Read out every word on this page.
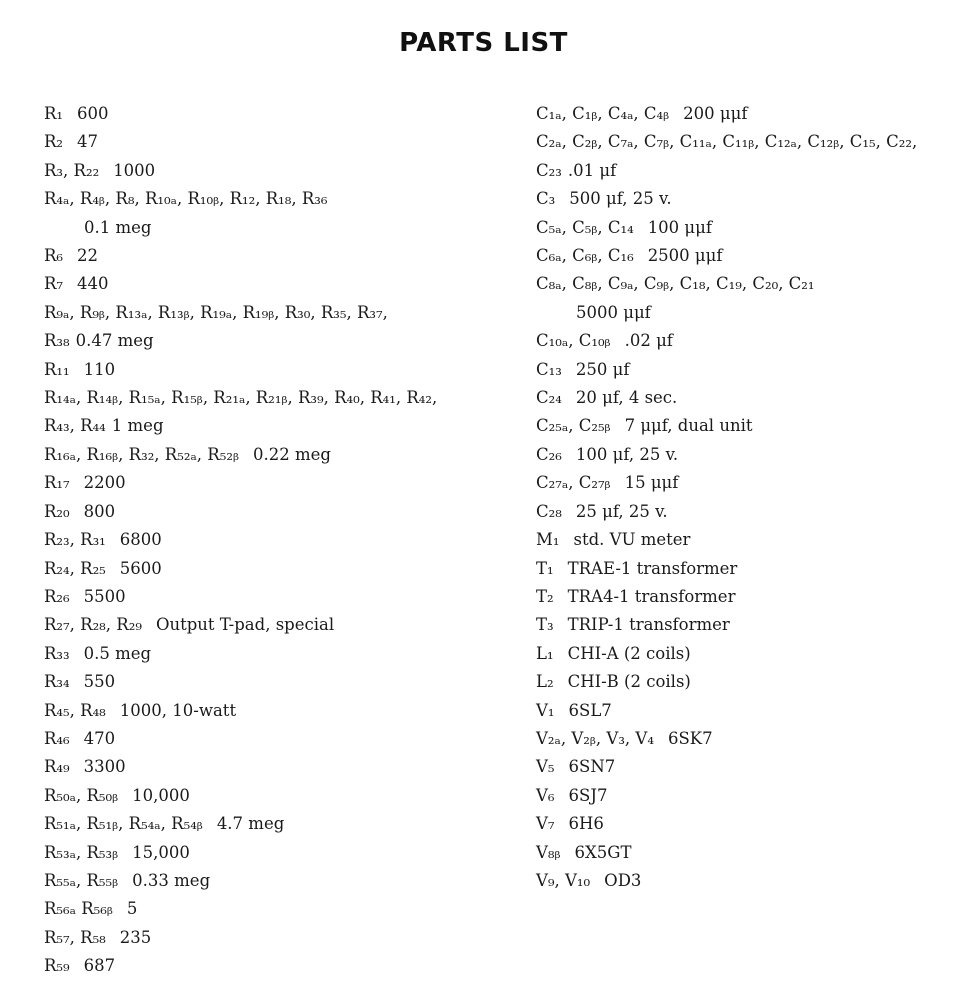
PARTS LIST
R₁ 600
R₂ 47
R₃, R₂₂ 1000
R₄ₐ, R₄ᵦ, R₈, R₁₀ₐ, R₁₀ᵦ, R₁₂, R₁₈, R₃₆
0.1 meg
R₆ 22
R₇ 440
R₉ₐ, R₉ᵦ, R₁₃ₐ, R₁₃ᵦ, R₁₉ₐ, R₁₉ᵦ, R₃₀, R₃₅, R₃₇, R₃₈ 0.47 meg
R₁₁ 110
R₁₄ₐ, R₁₄ᵦ, R₁₅ₐ, R₁₅ᵦ, R₂₁ₐ, R₂₁ᵦ, R₃₉, R₄₀, R₄₁, R₄₂, R₄₃, R₄₄ 1 meg
R₁₆ₐ, R₁₆ᵦ, R₃₂, R₅₂ₐ, R₅₂ᵦ 0.22 meg
R₁₇ 2200
R₂₀ 800
R₂₃, R₃₁ 6800
R₂₄, R₂₅ 5600
R₂₆ 5500
R₂₇, R₂₈, R₂₉ Output T-pad, special
R₃₃ 0.5 meg
R₃₄ 550
R₄₅, R₄₈ 1000, 10-watt
R₄₆ 470
R₄₉ 3300
R₅₀ₐ, R₅₀ᵦ 10,000
R₅₁ₐ, R₅₁ᵦ, R₅₄ₐ, R₅₄ᵦ 4.7 meg
R₅₃ₐ, R₅₃ᵦ 15,000
R₅₅ₐ, R₅₅ᵦ 0.33 meg
R₅₆ₐ R₅₆ᵦ 5
R₅₇, R₅₈ 235
R₅₉ 687
C₁ₐ, C₁ᵦ, C₄ₐ, C₄ᵦ 200 μμf
C₂ₐ, C₂ᵦ, C₇ₐ, C₇ᵦ, C₁₁ₐ, C₁₁ᵦ, C₁₂ₐ, C₁₂ᵦ, C₁₅, C₂₂, C₂₃ .01 μf
C₃ 500 μf, 25 v.
C₅ₐ, C₅ᵦ, C₁₄ 100 μμf
C₆ₐ, C₆ᵦ, C₁₆ 2500 μμf
C₈ₐ, C₈ᵦ, C₉ₐ, C₉ᵦ, C₁₈, C₁₉, C₂₀, C₂₁
5000 μμf
C₁₀ₐ, C₁₀ᵦ .02 μf
C₁₃ 250 μf
C₂₄ 20 μf, 4 sec.
C₂₅ₐ, C₂₅ᵦ 7 μμf, dual unit
C₂₆ 100 μf, 25 v.
C₂₇ₐ, C₂₇ᵦ 15 μμf
C₂₈ 25 μf, 25 v.
M₁ std. VU meter
T₁ TRAE-1 transformer
T₂ TRA4-1 transformer
T₃ TRIP-1 transformer
L₁ CHI-A (2 coils)
L₂ CHI-B (2 coils)
V₁ 6SL7
V₂ₐ, V₂ᵦ, V₃, V₄ 6SK7
V₅ 6SN7
V₆ 6SJ7
V₇ 6H6
V₈ᵦ 6X5GT
V₉, V₁₀ OD3
